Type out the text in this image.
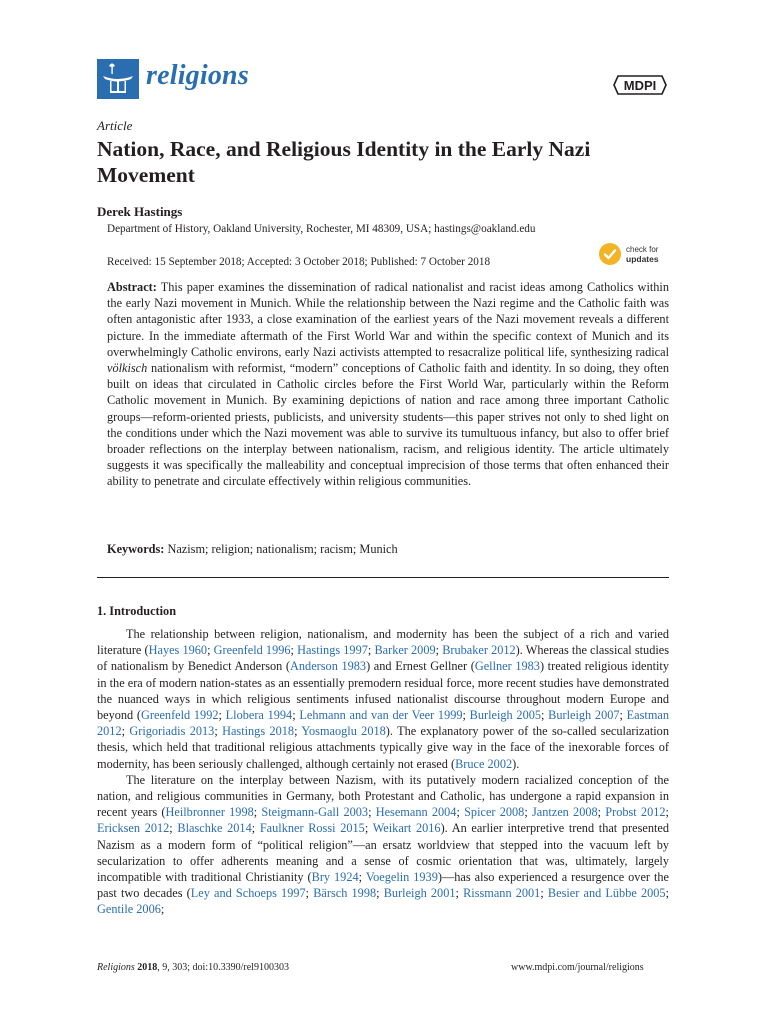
religions	MDPI
Article
Nation, Race, and Religious Identity in the Early Nazi Movement
Derek Hastings
Department of History, Oakland University, Rochester, MI 48309, USA; hastings@oakland.edu
Received: 15 September 2018; Accepted: 3 October 2018; Published: 7 October 2018
check for
updates
Abstract: This paper examines the dissemination of radical nationalist and racist ideas among Catholics within the early Nazi movement in Munich. While the relationship between the Nazi regime and the Catholic faith was often antagonistic after 1933, a close examination of the earliest years of the Nazi movement reveals a different picture. In the immediate aftermath of the First World War and within the specific context of Munich and its overwhelmingly Catholic environs, early Nazi activists attempted to resacralize political life, synthesizing radical völkisch nationalism with reformist, “modern” conceptions of Catholic faith and identity. In so doing, they often built on ideas that circulated in Catholic circles before the First World War, particularly within the Reform Catholic movement in Munich. By examining depictions of nation and race among three important Catholic groups—reform-oriented priests, publicists, and university students—this paper strives not only to shed light on the conditions under which the Nazi movement was able to survive its tumultuous infancy, but also to offer brief broader reflections on the interplay between nationalism, racism, and religious identity. The article ultimately suggests it was specifically the malleability and conceptual imprecision of those terms that often enhanced their ability to penetrate and circulate effectively within religious communities.
Keywords: Nazism; religion; nationalism; racism; Munich
1. Introduction

The relationship between religion, nationalism, and modernity has been the subject of a rich and varied literature (Hayes 1960; Greenfeld 1996; Hastings 1997; Barker 2009; Brubaker 2012). Whereas the classical studies of nationalism by Benedict Anderson (Anderson 1983) and Ernest Gellner (Gellner 1983) treated religious identity in the era of modern nation-states as an essentially premodern residual force, more recent studies have demonstrated the nuanced ways in which religious sentiments infused nationalist discourse throughout modern Europe and beyond (Greenfeld 1992; Llobera 1994; Lehmann and van der Veer 1999; Burleigh 2005; Burleigh 2007; Eastman 2012; Grigoriadis 2013; Hastings 2018; Yosmaoglu 2018). The explanatory power of the so-called secularization thesis, which held that traditional religious attachments typically give way in the face of the inexorable forces of modernity, has been seriously challenged, although certainly not erased (Bruce 2002).

The literature on the interplay between Nazism, with its putatively modern racialized conception of the nation, and religious communities in Germany, both Protestant and Catholic, has undergone a rapid expansion in recent years (Heilbronner 1998; Steigmann-Gall 2003; Hesemann 2004; Spicer 2008; Jantzen 2008; Probst 2012; Ericksen 2012; Blaschke 2014; Faulkner Rossi 2015; Weikart 2016). An earlier interpretive trend that presented Nazism as a modern form of “political religion”—an ersatz worldview that stepped into the vacuum left by secularization to offer adherents meaning and a sense of cosmic orientation that was, ultimately, largely incompatible with traditional Christianity (Bry 1924; Voegelin 1939)—has also experienced a resurgence over the past two decades (Ley and Schoeps 1997; Bärsch 1998; Burleigh 2001; Rissmann 2001; Besier and Lübbe 2005; Gentile 2006;

Religions 2018, 9, 303; doi:10.3390/rel9100303	www.mdpi.com/journal/religions
